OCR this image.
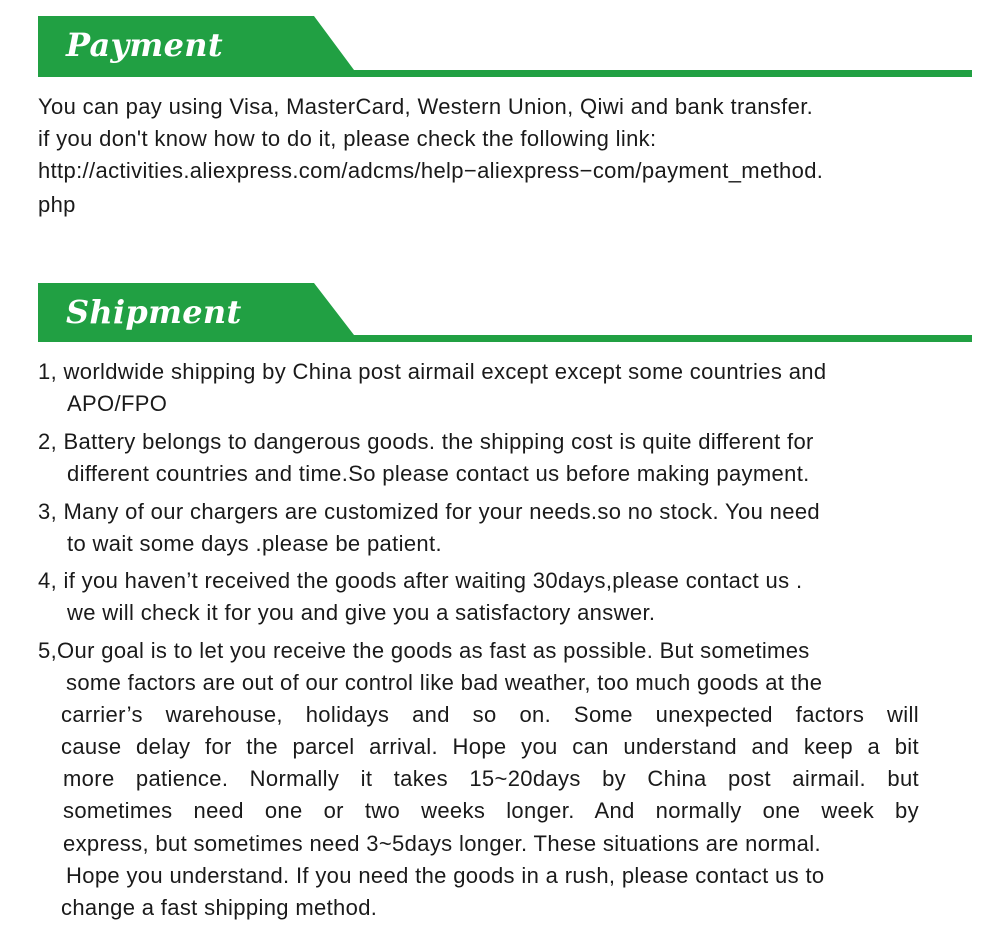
Payment
You can pay using Visa, MasterCard, Western Union, Qiwi and bank transfer.
if you don't know how to do it, please check the following link:
http://activities.aliexpress.com/adcms/help−aliexpress−com/payment_method.
php
Shipment
1, worldwide shipping by China post airmail except except some countries and
APO/FPO
2, Battery belongs to dangerous goods. the shipping cost is quite different for
different countries and time.So please contact us before making payment.
3, Many of our chargers are customized for your needs.so no stock. You need
to wait some days .please be patient.
4, if you haven’t received the goods after waiting 30days,please contact us .
we will check it for you and give you a satisfactory answer.
5,Our goal is to let you receive the goods as fast as possible. But sometimes
some factors are out of our control like bad weather, too much goods at the
carrier’s warehouse, holidays and so on. Some unexpected factors will
cause delay for the parcel arrival. Hope you can understand and keep a bit
more patience. Normally it takes 15~20days by China post airmail. but
sometimes need one or two weeks longer. And normally one week by
express, but sometimes need 3~5days longer. These situations are normal.
Hope you understand. If you need the goods in a rush, please contact us to
change a fast shipping method.
